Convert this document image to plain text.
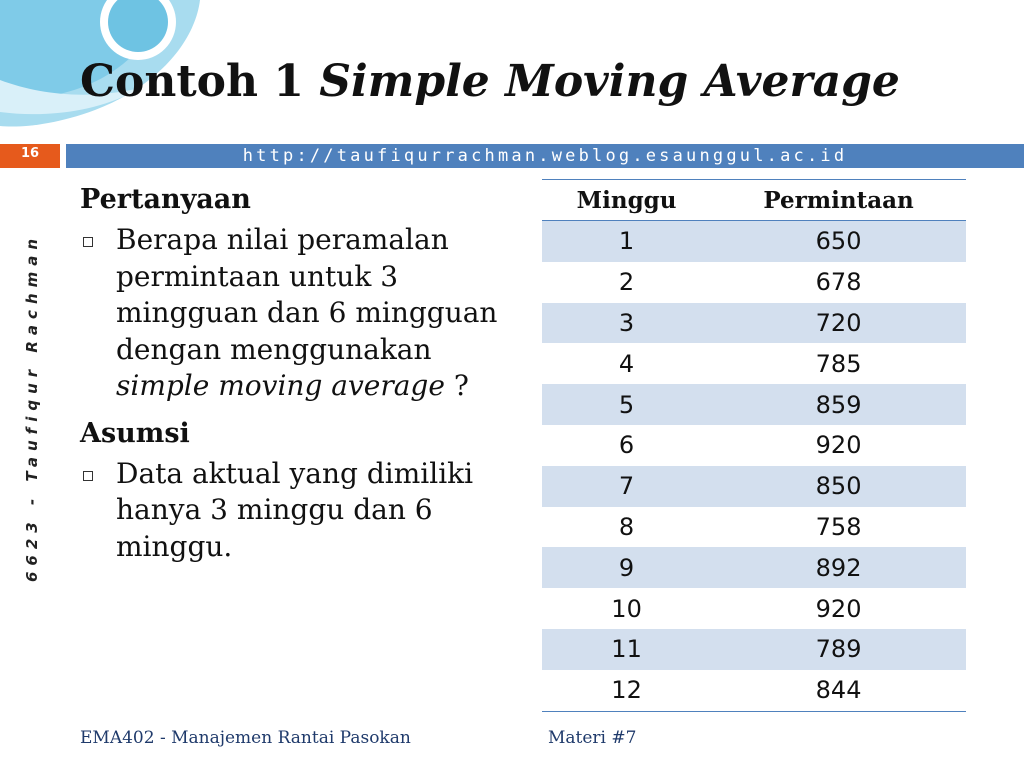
Contoh 1 Simple Moving Average
http://taufiqurrachman.weblog.esaunggul.ac.id
16
6623 - Taufiqur Rachman
Pertanyaan
Berapa nilai peramalan permintaan untuk 3 mingguan dan 6 mingguan dengan menggunakan simple moving average ?
Asumsi
Data aktual yang dimiliki hanya 3 minggu dan 6 minggu.
Minggu	Permintaan
1	650
2	678
3	720
4	785
5	859
6	920
7	850
8	758
9	892
10	920
11	789
12	844
EMA402 - Manajemen Rantai Pasokan	Materi #7
